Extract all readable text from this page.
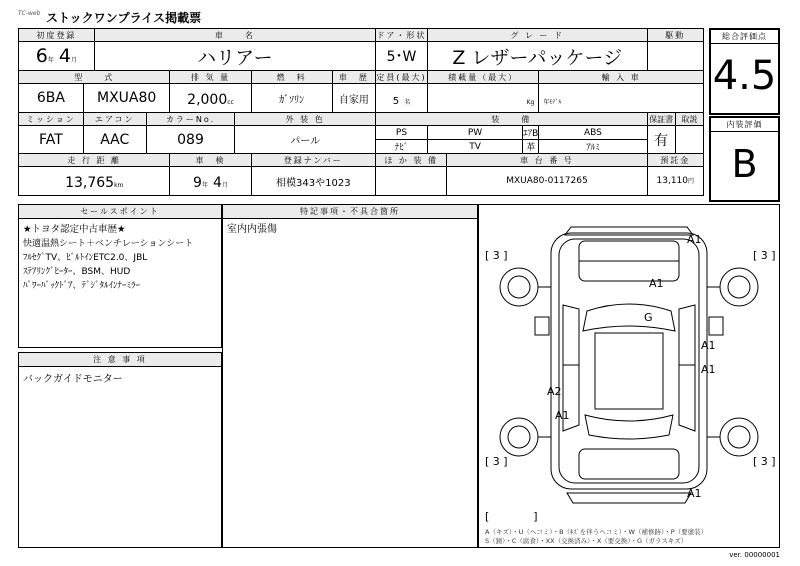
TC-web ストックワンプライス掲載票
初度登録		車　　名						ドア・形状	グ レ ー ド				駆動	
6年 4月		ハリアー						5･W	Z レザーパッケージ					
型　　式				排 気 量		燃　料	車　歴	定員(最大)	積載量（最大）			輸 入 車		
6BA	MXUA80			2,000cc		ｶﾞｿﾘﾝ	自家用	5 名	Kg			年ﾓﾃﾞﾙ		
ミッション	エアコン		カラーNo.		外 装 色			装　　備					保証書	取説
FAT	AAC		089		パール			PS	PW		ｴｱB	ABS	有	
								ﾅﾋﾞ	TV		革	ｱﾙﾐ		
走 行 距 離				車　検		登録ナンバー		ほ か 装 備		車 台 番 号			預託金	
13,765km				9年 4月		相模343や1023				MXUA80-0117265			13,110円	
総合評価点
4.5
内装評価
B
セールスポイント
★トヨタ認定中古車歴★
快適温熱シート＋ベンチレーションシート
ﾌﾙｾｸﾞTV、ﾋﾞﾙﾄｲﾝETC2.0、JBL
ｽﾃｱﾘﾝｸﾞﾋｰﾀｰ、BSM、HUD
ﾊﾟﾜｰﾊﾞｯｸﾄﾞｱ、ﾃﾞｼﾞﾀﾙｲﾝﾅｰﾐﾗｰ
注 意 事 項
バックガイドモニター
特記事項・不具合箇所
室内内張傷
[ 3 ]	[ 3 ]
[ 3 ]	[ 3 ]
A1
A1
G
A1
A1
A2
A1
A1
[　　　　]
A（キズ）・U（ヘコミ）・B（ｷｽﾞを伴うヘコミ）・W（補修跡）・P（要塗装）
S（錆）・C（腐食）・XX（交換済み）・X（要交換）・G（ガラスキズ）
ver. 00000001
